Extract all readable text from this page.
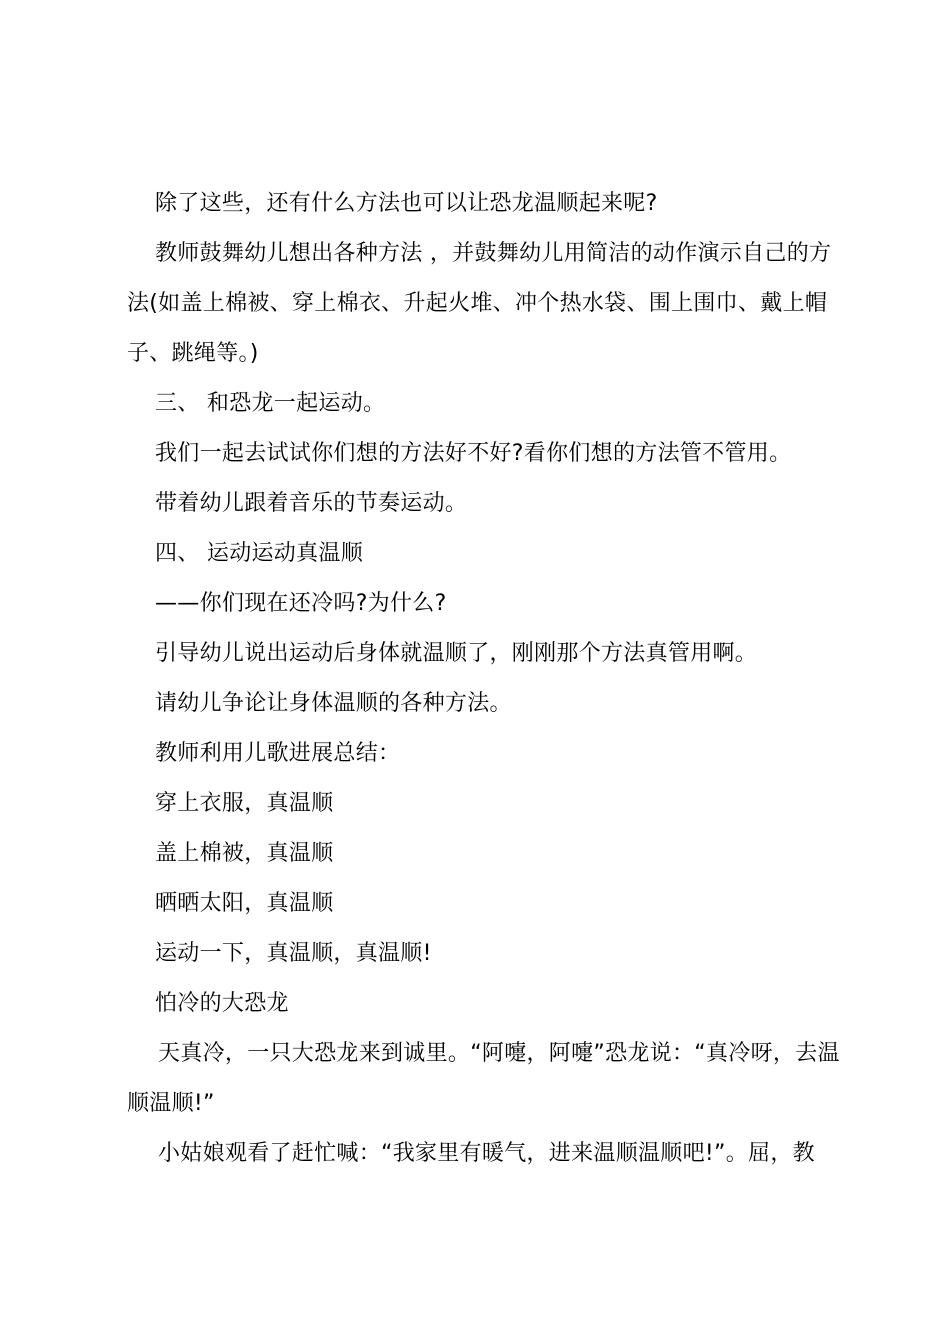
除了这些，还有什么方法也可以让恐龙温顺起来呢?
教师鼓舞幼儿想出各种方法 ，并鼓舞幼儿用简洁的动作演示自己的方
法(如盖上棉被、穿上棉衣、升起火堆、冲个热水袋、围上围巾、戴上帽
子、跳绳等。)
三、 和恐龙一起运动。
我们一起去试试你们想的方法好不好?看你们想的方法管不管用。
带着幼儿跟着音乐的节奏运动。
四、 运动运动真温顺
——你们现在还冷吗?为什么?
引导幼儿说出运动后身体就温顺了，刚刚那个方法真管用啊。
请幼儿争论让身体温顺的各种方法。
教师利用儿歌进展总结：
穿上衣服，真温顺
盖上棉被，真温顺
晒晒太阳，真温顺
运动一下，真温顺，真温顺!
怕冷的大恐龙
天真冷，一只大恐龙来到诚里。“阿嚏，阿嚏”恐龙说：“真冷呀，去温
顺温顺!”
小姑娘观看了赶忙喊：“我家里有暖气，进来温顺温顺吧!”。屈，教
